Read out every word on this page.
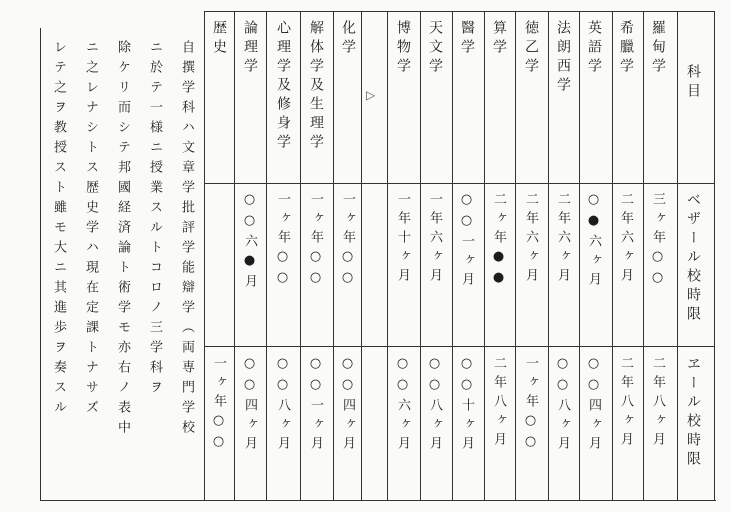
科目
ベザール校時限
ヱール校時限
羅甸学
三ヶ年○○
二年八ヶ月
希臘学
二年六ヶ月
二年八ヶ月
英語学
○●六ヶ月
○○四ヶ月
法朗西学
二年六ヶ月
○○八ヶ月
徳乙学
二年六ヶ月
一ヶ年○○
算学
二ヶ年●●
二年八ヶ月
醫学
○○一ヶ月
○○十ヶ月
天文学
一年六ヶ月
○○八ヶ月
博物学
一年十ヶ月
○○六ヶ月
化学
一ヶ年○○
○○四ヶ月
解体学及生理学
一ヶ年○○
○○一ヶ月
心理学及修身学
一ヶ年○○
○○八ヶ月
論理学
○○六●月
○○四ヶ月
歴史
一ヶ年○○
▷
自撰学科ハ文章学批評学能辯学（両専門学校
ニ於テ一様ニ授業スルトコロノ三学科ヲ
除ケリ而シテ邦國経済論ト術学モ亦右ノ表中
ニ之レナシトス歴史学ハ現在定課トナサズ
レテ之ヲ教授スト雖モ大ニ其進歩ヲ奏スル
